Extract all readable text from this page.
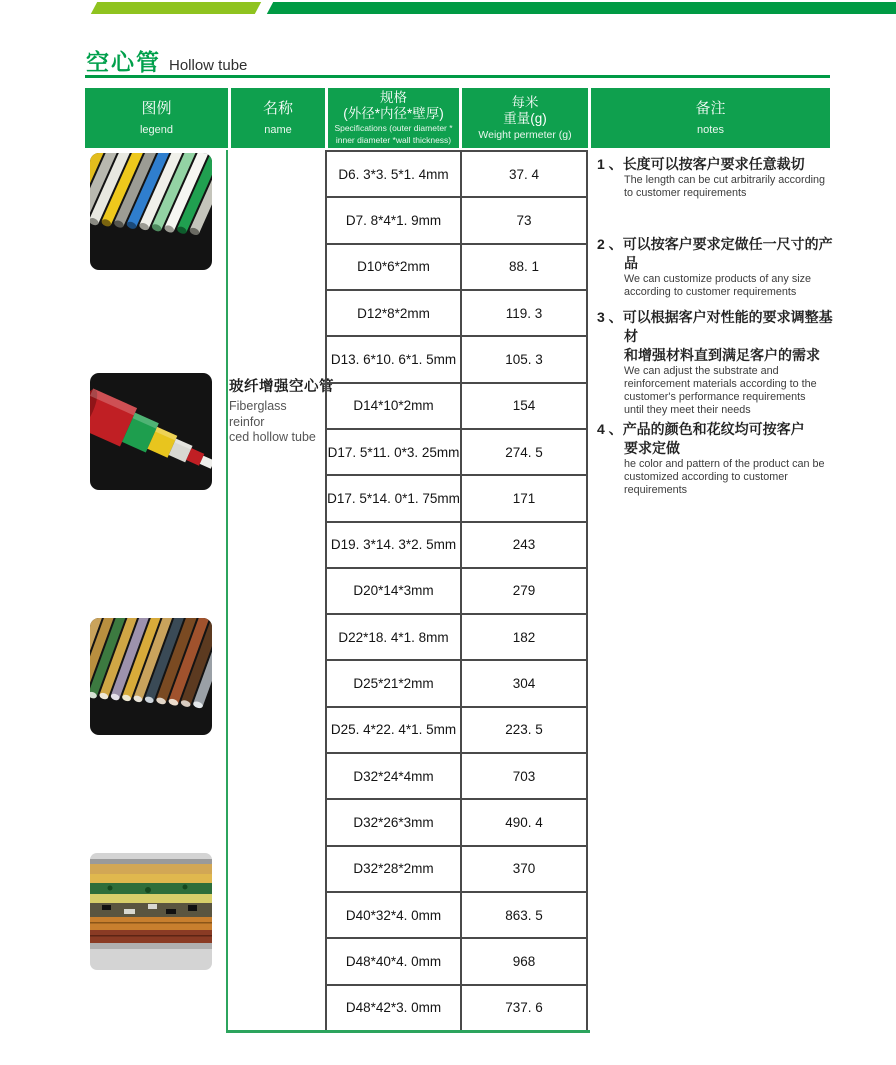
空心管 Hollow tube
图例
legend
名称
name
规格
(外径*内径*壁厚)
Specifications (outer diameter *
inner diameter *wall thickness)
每米
重量(g)
Weight permeter (g)
备注
notes
玻纤增强空心管
Fiberglass reinfor
ced hollow tube
D6. 3*3. 5*1. 4mm	37. 4
D7. 8*4*1. 9mm	73
D10*6*2mm	88. 1
D12*8*2mm	119. 3
D13. 6*10. 6*1. 5mm	105. 3
D14*10*2mm	154
D17. 5*11. 0*3. 25mm	274. 5
D17. 5*14. 0*1. 75mm	171
D19. 3*14. 3*2. 5mm	243
D20*14*3mm	279
D22*18. 4*1. 8mm	182
D25*21*2mm	304
D25. 4*22. 4*1. 5mm	223. 5
D32*24*4mm	703
D32*26*3mm	490. 4
D32*28*2mm	370
D40*32*4. 0mm	863. 5
D48*40*4. 0mm	968
D48*42*3. 0mm	737. 6
1 、长度可以按客户要求任意裁切
The length can be cut arbitrarily according
to customer requirements
2 、可以按客户要求定做任一尺寸的产品
We can customize products of any size
according to customer requirements
3 、可以根据客户对性能的要求调整基材
和增强材料直到满足客户的需求
We can adjust the substrate and
reinforcement materials according to the
customer's performance requirements
until they meet their needs
4 、产品的颜色和花纹均可按客户
要求定做
he color and pattern of the product can be
customized according to customer requirements
